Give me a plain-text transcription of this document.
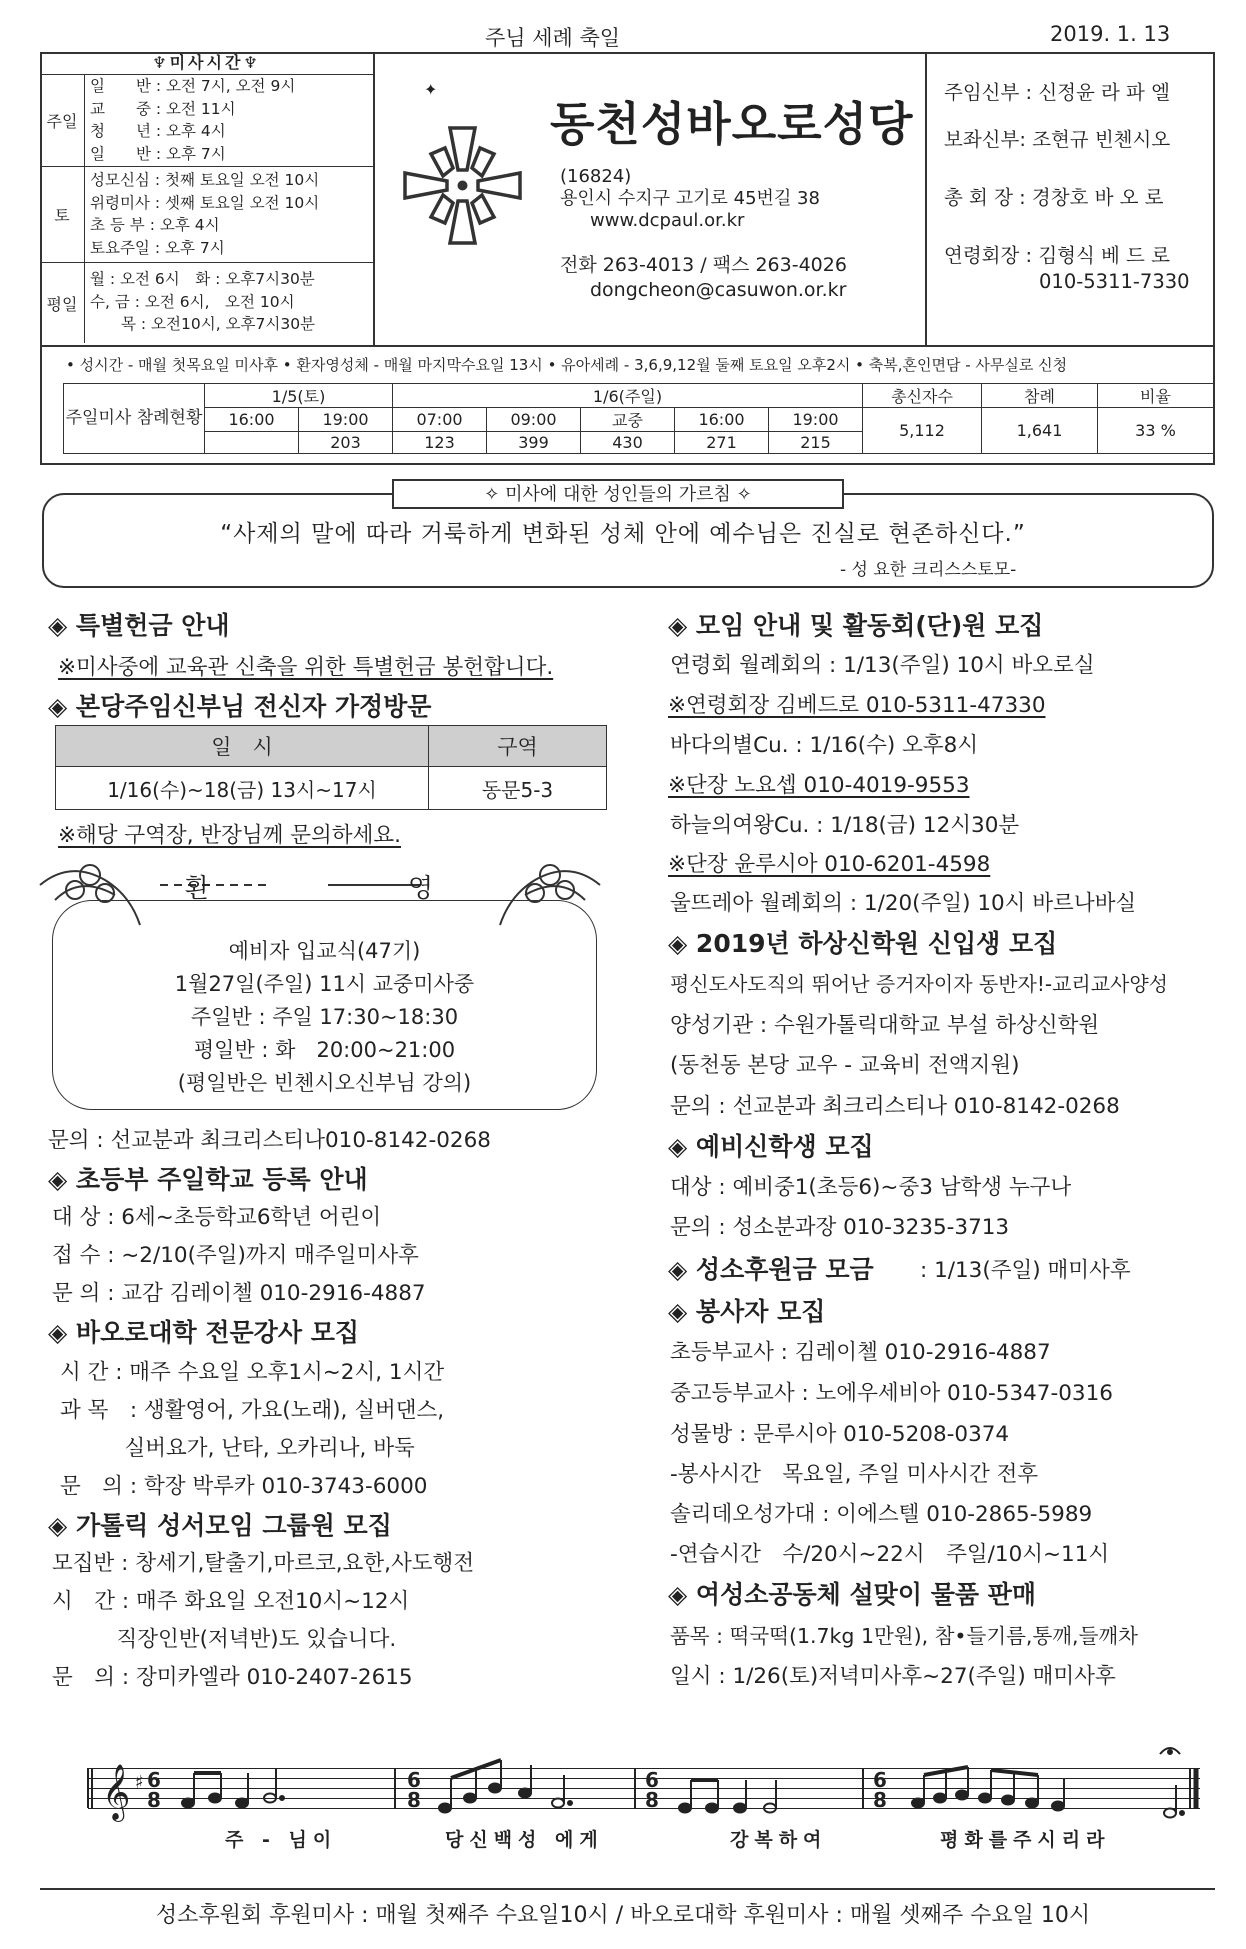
주님 세례 축일	2019. 1. 13
♆미사시간♆
주일
일　　반 : 오전 7시, 오전 9시
교　　중 : 오전 11시
청　　년 : 오후 4시
일　　반 : 오후 7시
토
성모신심 : 첫째 토요일 오전 10시
위령미사 : 셋째 토요일 오전 10시
초 등 부 : 오후 4시
토요주일 : 오후 7시
평일
월 : 오전 6시　화 : 오후7시30분
수, 금 : 오전 6시,　오전 10시
　　목 : 오전10시, 오후7시30분
✦
동천성바오로성당
(16824)
용인시 수지구 고기로 45번길 38
www.dcpaul.or.kr
전화 263-4013 / 팩스 263-4026
dongcheon@casuwon.or.kr
주임신부 : 신정윤 라 파 엘
보좌신부: 조현규 빈첸시오
총 회 장 : 경창호 바 오 로
연령회장 : 김형식 베 드 로
010-5311-7330
• 성시간 - 매월 첫목요일 미사후 • 환자영성체 - 매월 마지막수요일 13시 • 유아세례 - 3,6,9,12월 둘째 토요일 오후2시 • 축복,혼인면담 - 사무실로 신청
주일미사 참례현황	1/5(토)		1/6(주일)					총신자수	참례	비율
	16:00	19:00	07:00	09:00	교중	16:00	19:00	5,112	1,641	33 %
		203	123	399	430	271	215			
✧ 미사에 대한 성인들의 가르침 ✧
“사제의 말에 따라 거룩하게 변화된 성체 안에 예수님은 진실로 현존하신다.”
- 성 요한 크리스스토모-
◈ 특별헌금 안내
※미사중에 교육관 신축을 위한 특별헌금 봉헌합니다.
◈ 본당주임신부님 전신자 가정방문
일　시	구역
1/16(수)~18(금) 13시~17시	동문5-3
※해당 구역장, 반장님께 문의하세요.
환	영
예비자 입교식(47기)
1월27일(주일) 11시 교중미사중
주일반 : 주일 17:30~18:30
평일반 : 화　20:00~21:00
(평일반은 빈첸시오신부님 강의)
문의 : 선교분과 최크리스티나010-8142-0268
◈ 초등부 주일학교 등록 안내
대 상 : 6세~초등학교6학년 어린이
접 수 : ~2/10(주일)까지 매주일미사후
문 의 : 교감 김레이첼 010-2916-4887
◈ 바오로대학 전문강사 모집
시 간 : 매주 수요일 오후1시~2시, 1시간
과 목　: 생활영어, 가요(노래), 실버댄스,
　　　실버요가, 난타, 오카리나, 바둑
문　의 : 학장 박루카 010-3743-6000
◈ 가톨릭 성서모임 그룹원 모집
모집반 : 창세기,탈출기,마르코,요한,사도행전
시　간 : 매주 화요일 오전10시~12시
　　　직장인반(저녁반)도 있습니다.
문　의 : 장미카엘라 010-2407-2615
◈ 모임 안내 및 활동회(단)원 모집
연령회 월례회의 : 1/13(주일) 10시 바오로실
※연령회장 김베드로 010-5311-47330
바다의별Cu. : 1/16(수) 오후8시
※단장 노요셉 010-4019-9553
하늘의여왕Cu. : 1/18(금) 12시30분
※단장 윤루시아 010-6201-4598
울뜨레아 월례회의 : 1/20(주일) 10시 바르나바실
◈ 2019년 하상신학원 신입생 모집
평신도사도직의 뛰어난 증거자이자 동반자!-교리교사양성
양성기관 : 수원가톨릭대학교 부설 하상신학원
(동천동 본당 교우 - 교육비 전액지원)
문의 : 선교분과 최크리스티나 010-8142-0268
◈ 예비신학생 모집
대상 : 예비중1(초등6)~중3 남학생 누구나
문의 : 성소분과장 010-3235-3713
◈ 성소후원금 모금 : 1/13(주일) 매미사후
◈ 봉사자 모집
초등부교사 : 김레이첼 010-2916-4887
중고등부교사 : 노에우세비아 010-5347-0316
성물방 : 문루시아 010-5208-0374
-봉사시간　목요일, 주일 미사시간 전후
솔리데오성가대 : 이에스텔 010-2865-5989
-연습시간　수/20시~22시　주일/10시~11시
◈ 여성소공동체 설맞이 물품 판매
품목 : 떡국떡(1.7kg 1만원), 참•들기름,통깨,들깨차
일시 : 1/26(토)저녁미사후~27(주일) 매미사후
𝄞 ♯ 6
8
6
8
6
8
6
8
주 - 님이	당신백성 에게	강복하여	평화를주시리라
성소후원회 후원미사 : 매월 첫째주 수요일10시 / 바오로대학 후원미사 : 매월 셋째주 수요일 10시
